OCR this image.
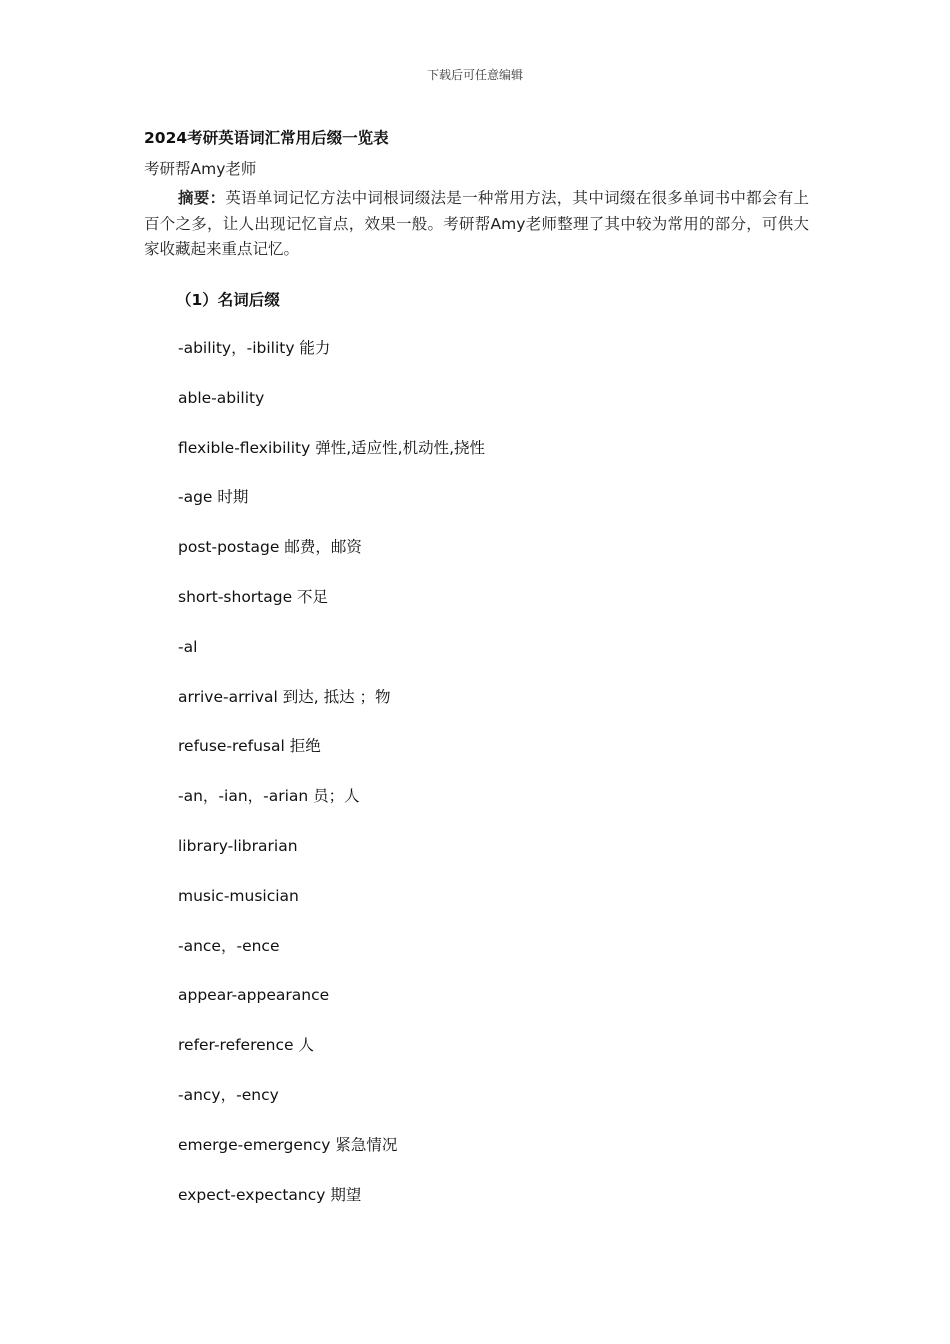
下载后可任意编辑
2024考研英语词汇常用后缀一览表
考研帮Amy老师

摘要：英语单词记忆方法中词根词缀法是一种常用方法，其中词缀在很多单词书中都会有上百个之多，让人出现记忆盲点，效果一般。考研帮Amy老师整理了其中较为常用的部分，可供大家收藏起来重点记忆。

（1）名词后缀
-ability，-ibility 能力
able-ability
flexible-flexibility 弹性,适应性,机动性,挠性
-age 时期
post-postage 邮费，邮资
short-shortage 不足
-al
arrive-arrival 到达, 抵达 ；物
refuse-refusal 拒绝
-an，-ian，-arian 员；人
library-librarian
music-musician
-ance，-ence
appear-appearance
refer-reference 人
-ancy，-ency
emerge-emergency 紧急情况
expect-expectancy 期望
